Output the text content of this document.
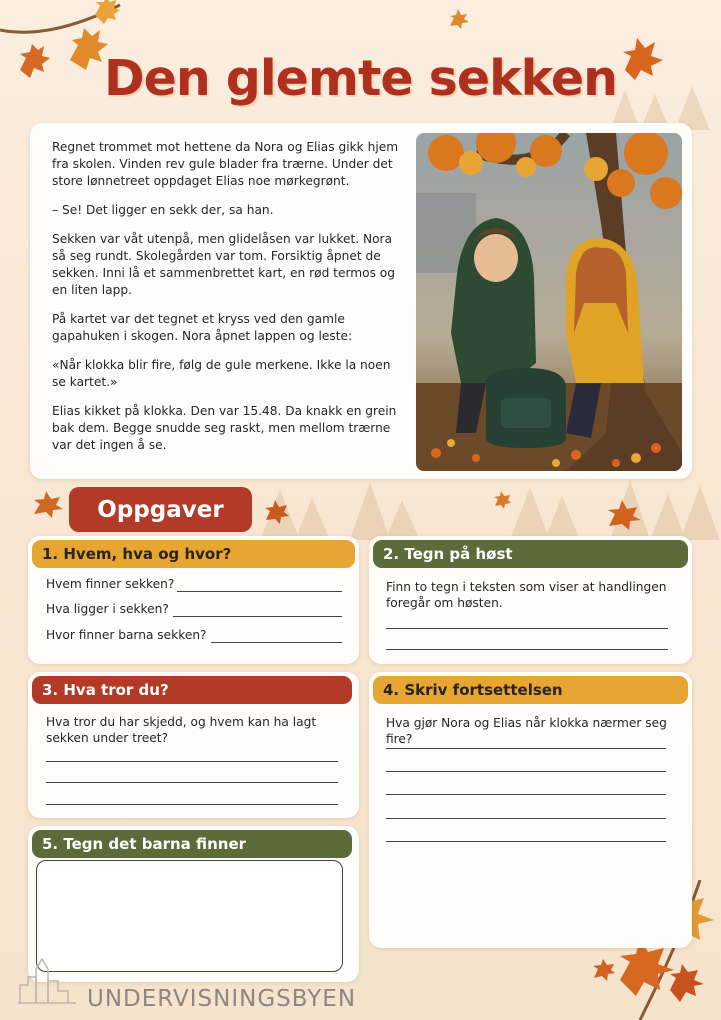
Den glemte sekken

Regnet trommet mot hettene da Nora og Elias gikk hjem fra skolen. Vinden rev gule blader fra trærne. Under det store lønnetreet oppdaget Elias noe mørkegrønt.

– Se! Det ligger en sekk der, sa han.

Sekken var våt utenpå, men glidelåsen var lukket. Nora så seg rundt. Skolegården var tom. Forsiktig åpnet de sekken. Inni lå et sammenbrettet kart, en rød termos og en liten lapp.

På kartet var det tegnet et kryss ved den gamle gapahuken i skogen. Nora åpnet lappen og leste:

«Når klokka blir fire, følg de gule merkene. Ikke la noen se kartet.»

Elias kikket på klokka. Den var 15.48. Da knakk en grein bak dem. Begge snudde seg raskt, men mellom trærne var det ingen å se.

Oppgaver
1. Hvem, hva og hvor?
Hvem finner sekken?
Hva ligger i sekken?
Hvor finner barna sekken?
2. Tegn på høst
Finn to tegn i teksten som viser at handlingen foregår om høsten.
3. Hva tror du?
Hva tror du har skjedd, og hvem kan ha lagt sekken under treet?
4. Skriv fortsettelsen
Hva gjør Nora og Elias når klokka nærmer seg fire?
5. Tegn det barna finner
UNDERVISNINGSBYEN
